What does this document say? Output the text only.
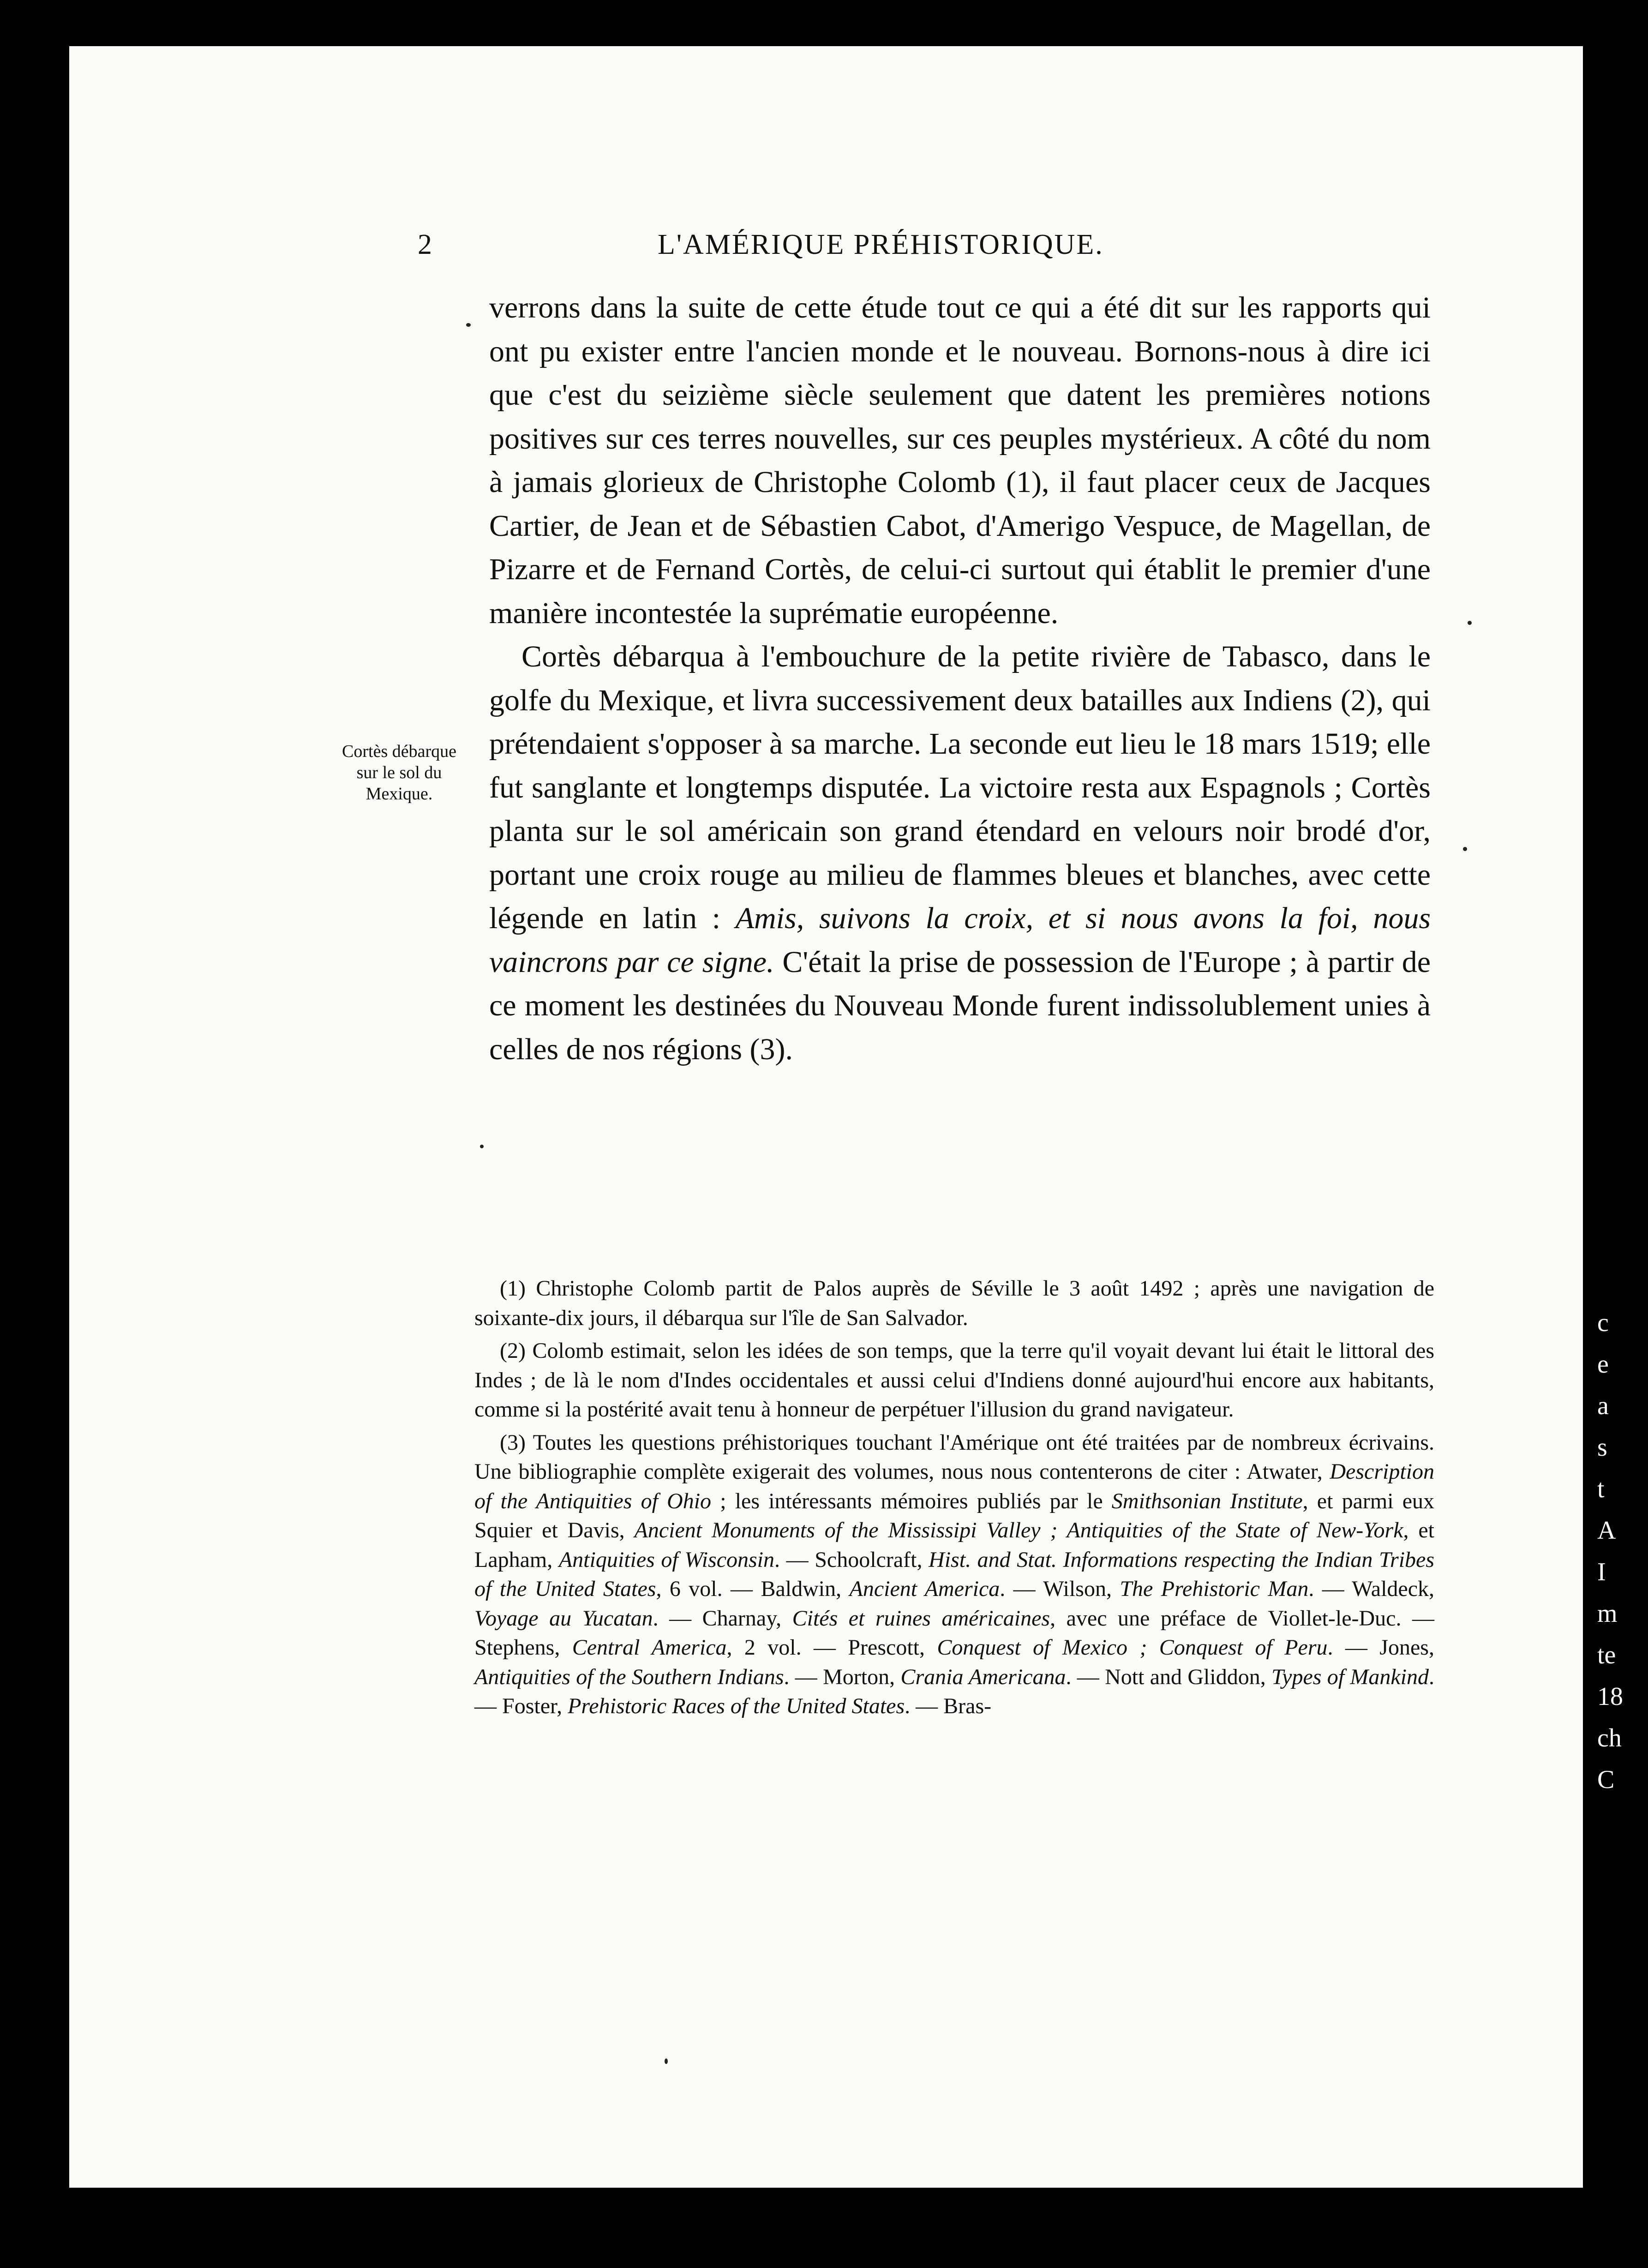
c
e
a
s
t
A
I
m
te
18
ch
C
2	L'AMÉRIQUE PRÉHISTORIQUE.
Cortès débarque sur le sol du Mexique.

verrons dans la suite de cette étude tout ce qui a été dit sur les rapports qui ont pu exister entre l'ancien monde et le nouveau. Bornons-nous à dire ici que c'est du seizième siècle seulement que datent les premières notions positives sur ces terres nouvelles, sur ces peuples mystérieux. A côté du nom à jamais glorieux de Christophe Colomb (1), il faut placer ceux de Jacques Cartier, de Jean et de Sébastien Cabot, d'Amerigo Vespuce, de Magellan, de Pizarre et de Fernand Cortès, de celui-ci surtout qui établit le premier d'une manière incontestée la suprématie européenne.

Cortès débarqua à l'embouchure de la petite rivière de Tabasco, dans le golfe du Mexique, et livra successivement deux batailles aux Indiens (2), qui prétendaient s'opposer à sa marche. La seconde eut lieu le 18 mars 1519; elle fut sanglante et longtemps disputée. La victoire resta aux Espagnols ; Cortès planta sur le sol américain son grand étendard en velours noir brodé d'or, portant une croix rouge au milieu de flammes bleues et blanches, avec cette légende en latin : Amis, suivons la croix, et si nous avons la foi, nous vaincrons par ce signe. C'était la prise de possession de l'Europe ; à partir de ce moment les destinées du Nouveau Monde furent indissolublement unies à celles de nos régions (3).

(1) Christophe Colomb partit de Palos auprès de Séville le 3 août 1492 ; après une navigation de soixante-dix jours, il débarqua sur l'île de San Salvador.

(2) Colomb estimait, selon les idées de son temps, que la terre qu'il voyait devant lui était le littoral des Indes ; de là le nom d'Indes occidentales et aussi celui d'Indiens donné aujourd'hui encore aux habitants, comme si la postérité avait tenu à honneur de perpétuer l'illusion du grand navigateur.

(3) Toutes les questions préhistoriques touchant l'Amérique ont été traitées par de nombreux écrivains. Une bibliographie complète exigerait des volumes, nous nous contenterons de citer : Atwater, Description of the Antiquities of Ohio ; les intéressants mémoires publiés par le Smithsonian Institute, et parmi eux Squier et Davis, Ancient Monuments of the Mississipi Valley ; Antiquities of the State of New-York, et Lapham, Antiquities of Wisconsin. — Schoolcraft, Hist. and Stat. Informations respecting the Indian Tribes of the United States, 6 vol. — Baldwin, Ancient America. — Wilson, The Prehistoric Man. — Waldeck, Voyage au Yucatan. — Charnay, Cités et ruines américaines, avec une préface de Viollet-le-Duc. — Stephens, Central America, 2 vol. — Prescott, Conquest of Mexico ; Conquest of Peru. — Jones, Antiquities of the Southern Indians. — Morton, Crania Americana. — Nott and Gliddon, Types of Mankind. — Foster, Prehistoric Races of the United States. — Bras-
